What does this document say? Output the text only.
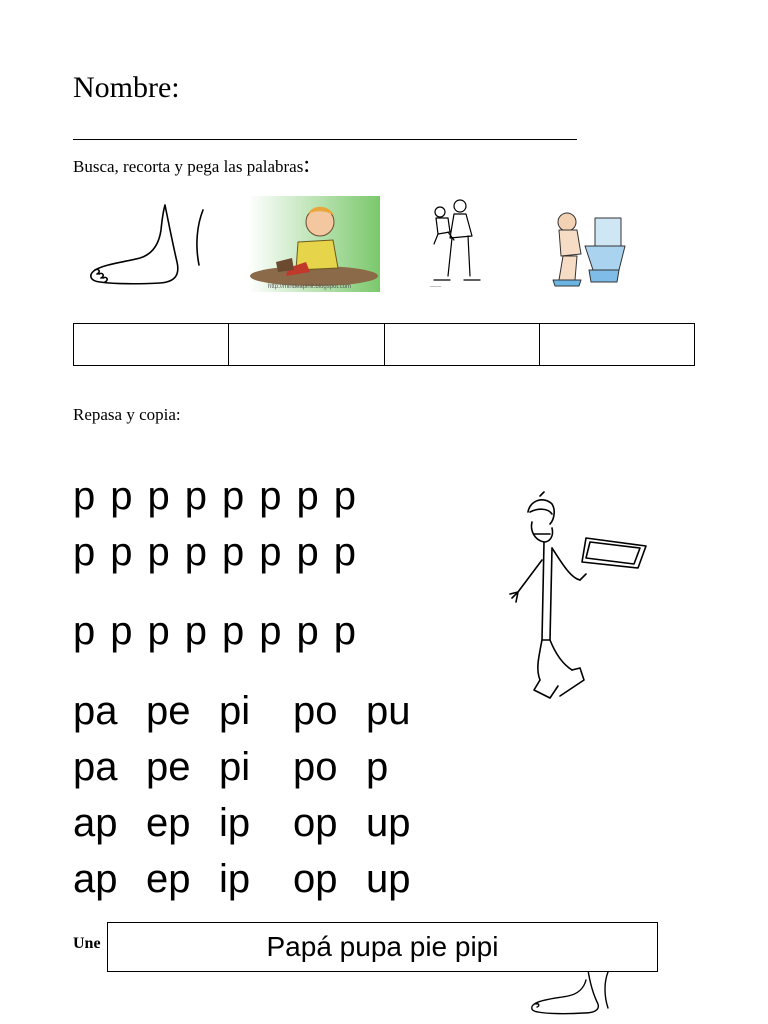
Nombre:
Busca, recorta y pega las palabras:
http://mindeapinit.blogspot.com	____
Repasa y copia:
p p p p p p p p
p p p p p p p p
p p p p p p p p
pa pe pi po pu
pa pe pi po p
ap ep ip op up
ap ep ip op up
Une	Papá pupa pie pipi
